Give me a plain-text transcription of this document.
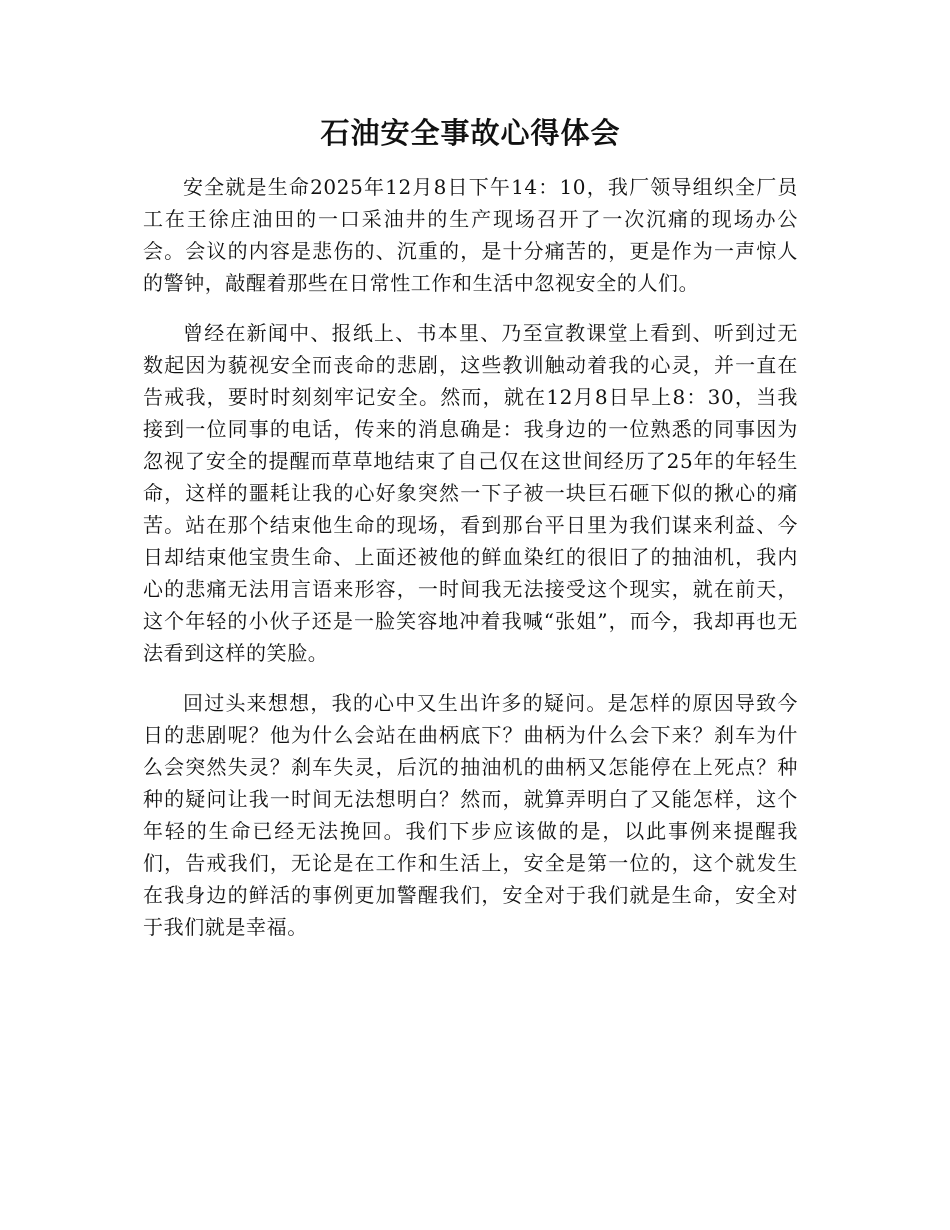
石油安全事故心得体会

安全就是生命2025年12月8日下午14：10，我厂领导组织全厂员工在王徐庄油田的一口采油井的生产现场召开了一次沉痛的现场办公会。会议的内容是悲伤的、沉重的，是十分痛苦的，更是作为一声惊人的警钟，敲醒着那些在日常性工作和生活中忽视安全的人们。

曾经在新闻中、报纸上、书本里、乃至宣教课堂上看到、听到过无数起因为藐视安全而丧命的悲剧，这些教训触动着我的心灵，并一直在告戒我，要时时刻刻牢记安全。然而，就在12月8日早上8：30，当我接到一位同事的电话，传来的消息确是：我身边的一位熟悉的同事因为忽视了安全的提醒而草草地结束了自己仅在这世间经历了25年的年轻生命，这样的噩耗让我的心好象突然一下子被一块巨石砸下似的揪心的痛苦。站在那个结束他生命的现场，看到那台平日里为我们谋来利益、今日却结束他宝贵生命、上面还被他的鲜血染红的很旧了的抽油机，我内心的悲痛无法用言语来形容，一时间我无法接受这个现实，就在前天，这个年轻的小伙子还是一脸笑容地冲着我喊“张姐”，而今，我却再也无法看到这样的笑脸。

回过头来想想，我的心中又生出许多的疑问。是怎样的原因导致今日的悲剧呢？他为什么会站在曲柄底下？曲柄为什么会下来？刹车为什么会突然失灵？刹车失灵，后沉的抽油机的曲柄又怎能停在上死点？种种的疑问让我一时间无法想明白？然而，就算弄明白了又能怎样，这个年轻的生命已经无法挽回。我们下步应该做的是，以此事例来提醒我们，告戒我们，无论是在工作和生活上，安全是第一位的，这个就发生在我身边的鲜活的事例更加警醒我们，安全对于我们就是生命，安全对于我们就是幸福。
